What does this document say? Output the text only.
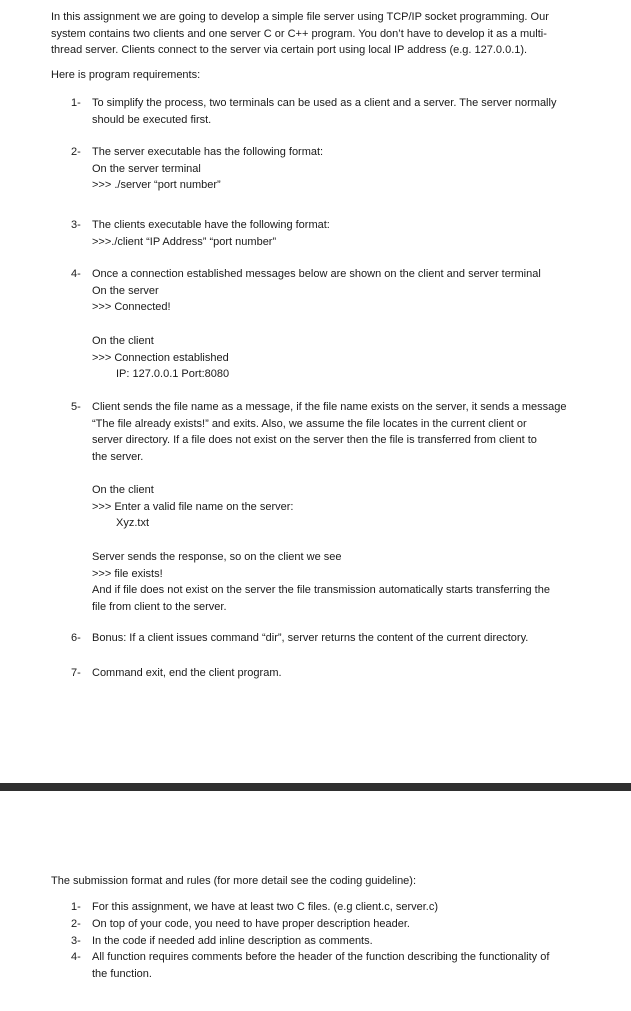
In this assignment we are going to develop a simple file server using TCP/IP socket programming. Our
system contains two clients and one server C or C++ program. You don’t have to develop it as a multi-
thread server. Clients connect to the server via certain port using local IP address (e.g. 127.0.0.1).
Here is program requirements:
1-	To simplify the process, two terminals can be used as a client and a server. The server normally
should be executed first.
2-	The server executable has the following format:
On the server terminal
>>> ./server “port number”
3-	The clients executable have the following format:
>>>./client “IP Address” “port number”
4-	Once a connection established messages below are shown on the client and server terminal
On the server
>>> Connected!
On the client
>>> Connection established
IP: 127.0.0.1 Port:8080
5-	Client sends the file name as a message, if the file name exists on the server, it sends a message
“The file already exists!” and exits. Also, we assume the file locates in the current client or
server directory. If a file does not exist on the server then the file is transferred from client to
the server.
On the client
>>> Enter a valid file name on the server:
Xyz.txt
Server sends the response, so on the client we see
>>> file exists!
And if file does not exist on the server the file transmission automatically starts transferring the
file from client to the server.
6-	Bonus: If a client issues command “dir”, server returns the content of the current directory.
7-	Command exit, end the client program.
The submission format and rules (for more detail see the coding guideline):
1-	For this assignment, we have at least two C files. (e.g client.c, server.c)
2-	On top of your code, you need to have proper description header.
3-	In the code if needed add inline description as comments.
4-	All function requires comments before the header of the function describing the functionality of
the function.
